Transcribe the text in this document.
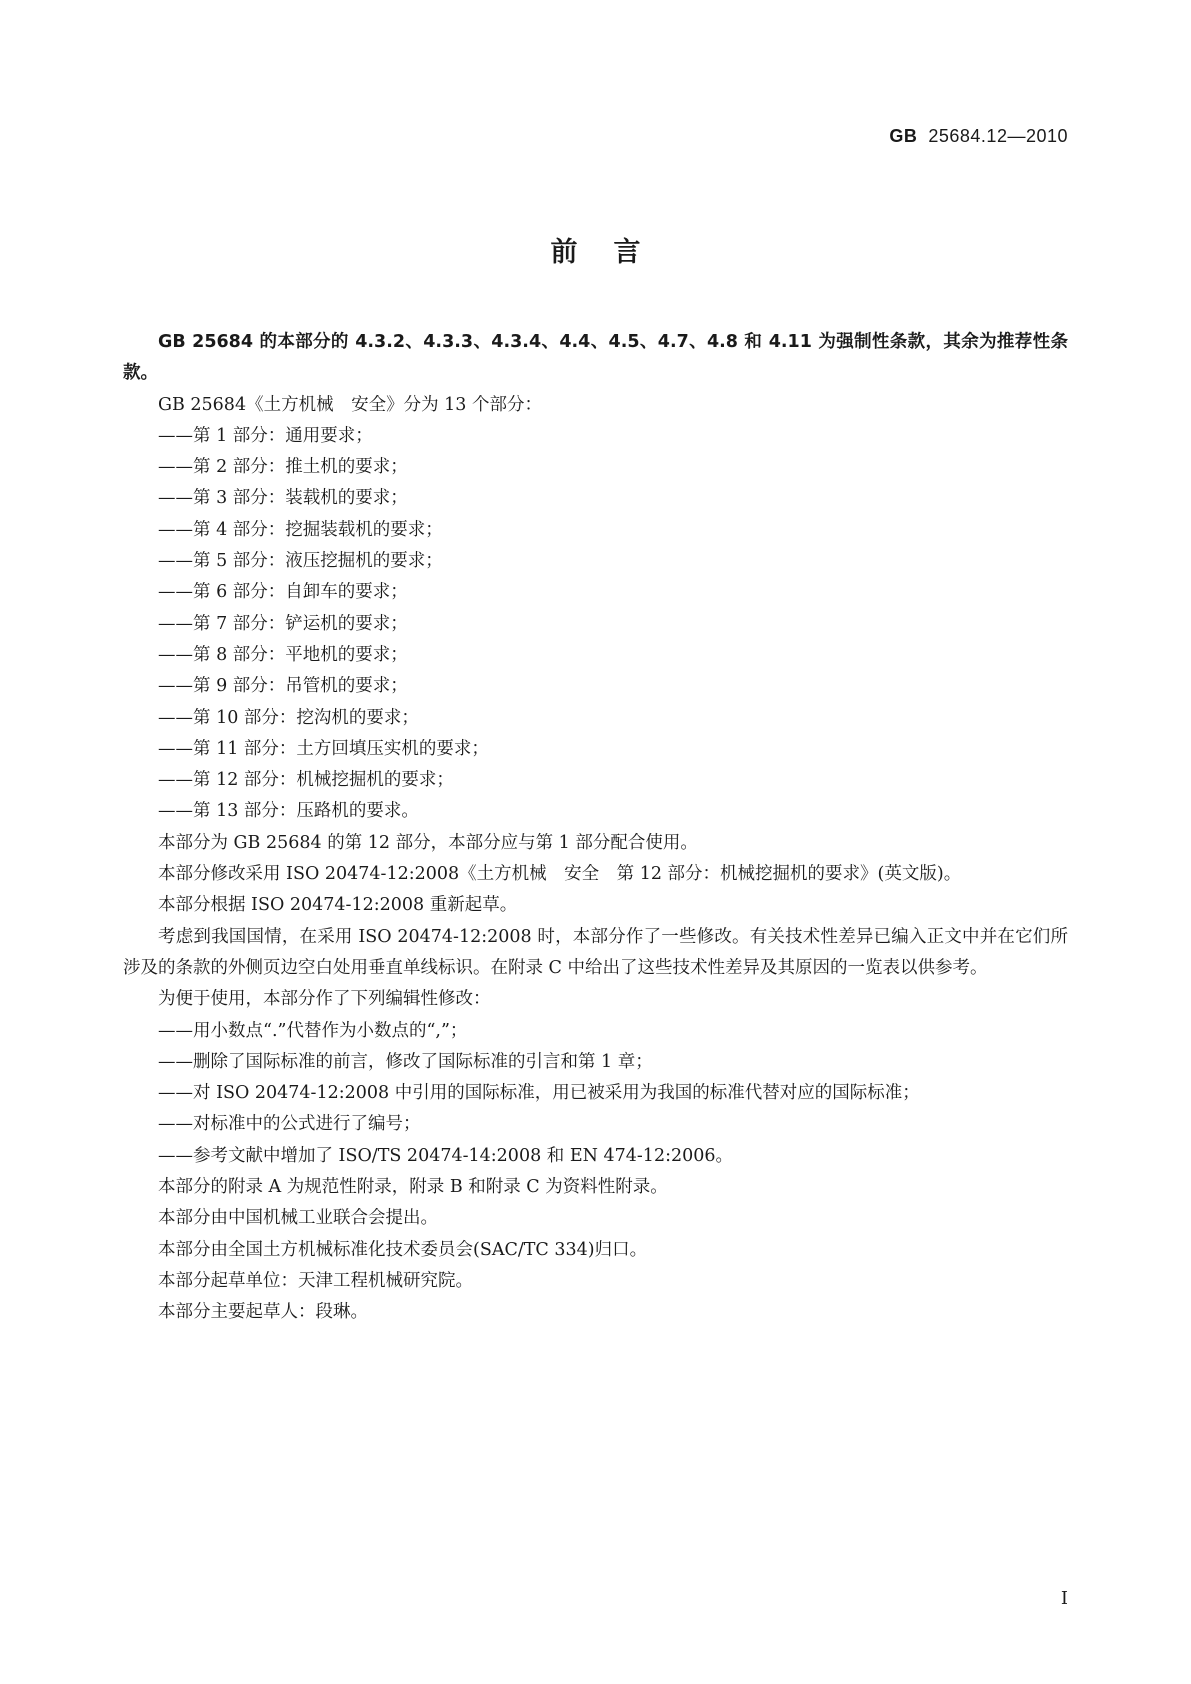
GB 25684.12—2010

前言

GB 25684 的本部分的 4.3.2、4.3.3、4.3.4、4.4、4.5、4.7、4.8 和 4.11 为强制性条款，其余为推荐性条款。

GB 25684《土方机械　安全》分为 13 个部分：

——第 1 部分：通用要求；
——第 2 部分：推土机的要求；
——第 3 部分：装载机的要求；
——第 4 部分：挖掘装载机的要求；
——第 5 部分：液压挖掘机的要求；
——第 6 部分：自卸车的要求；
——第 7 部分：铲运机的要求；
——第 8 部分：平地机的要求；
——第 9 部分：吊管机的要求；
——第 10 部分：挖沟机的要求；
——第 11 部分：土方回填压实机的要求；
——第 12 部分：机械挖掘机的要求；
——第 13 部分：压路机的要求。

本部分为 GB 25684 的第 12 部分，本部分应与第 1 部分配合使用。

本部分修改采用 ISO 20474-12:2008《土方机械　安全　第 12 部分：机械挖掘机的要求》(英文版)。

本部分根据 ISO 20474-12:2008 重新起草。

考虑到我国国情，在采用 ISO 20474-12:2008 时，本部分作了一些修改。有关技术性差异已编入正文中并在它们所涉及的条款的外侧页边空白处用垂直单线标识。在附录 C 中给出了这些技术性差异及其原因的一览表以供参考。

为便于使用，本部分作了下列编辑性修改：

——用小数点“.”代替作为小数点的“,”；
——删除了国际标准的前言，修改了国际标准的引言和第 1 章；
——对 ISO 20474-12:2008 中引用的国际标准，用已被采用为我国的标准代替对应的国际标准；
——对标准中的公式进行了编号；
——参考文献中增加了 ISO/TS 20474-14:2008 和 EN 474-12:2006。

本部分的附录 A 为规范性附录，附录 B 和附录 C 为资料性附录。

本部分由中国机械工业联合会提出。

本部分由全国土方机械标准化技术委员会(SAC/TC 334)归口。

本部分起草单位：天津工程机械研究院。

本部分主要起草人：段琳。

I
